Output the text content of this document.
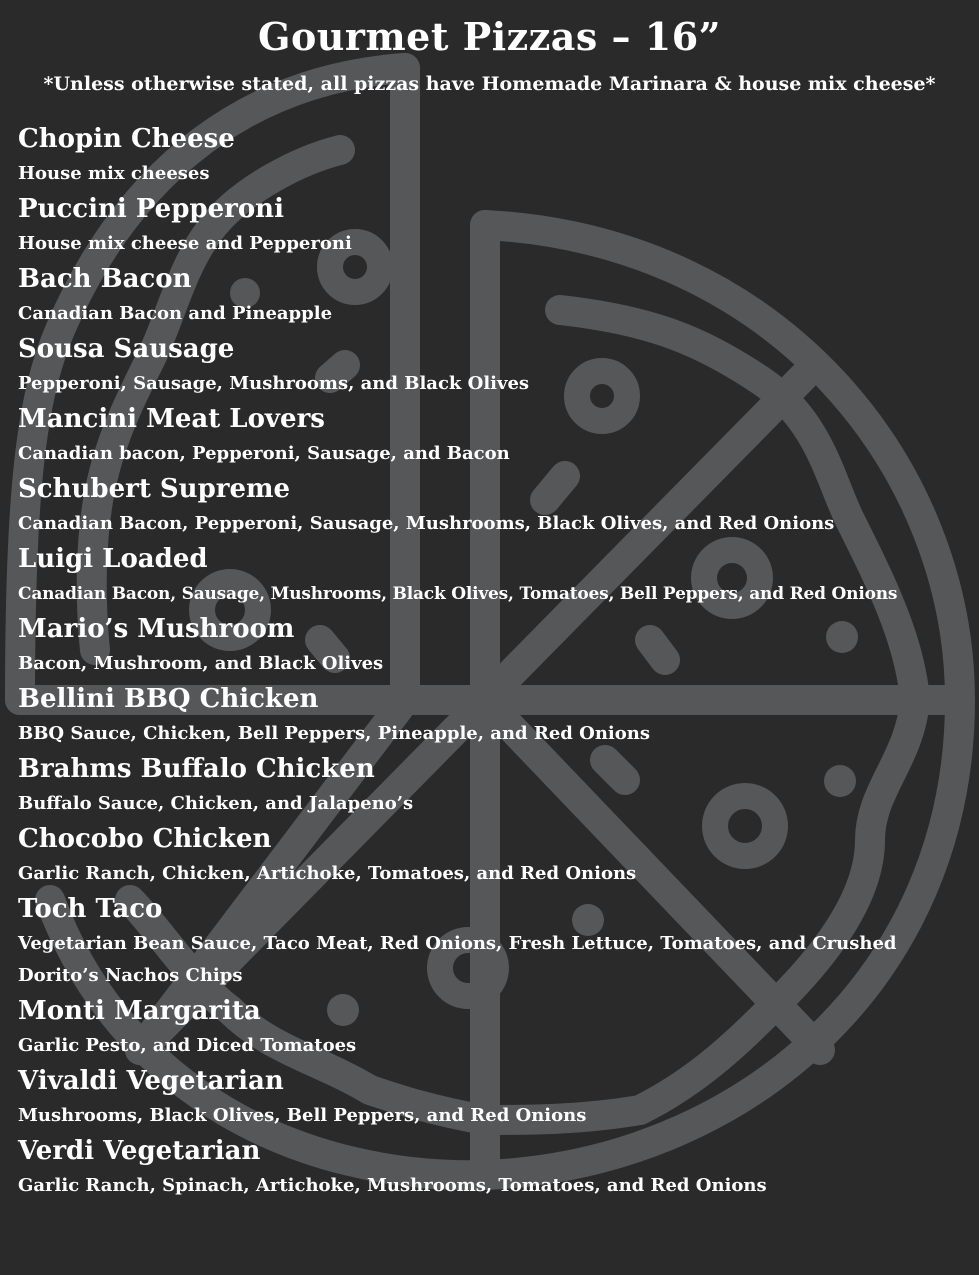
Gourmet Pizzas – 16”
*Unless otherwise stated, all pizzas have Homemade Marinara & house mix cheese*
Chopin Cheese
House mix cheeses
Puccini Pepperoni
House mix cheese and Pepperoni
Bach Bacon
Canadian Bacon and Pineapple
Sousa Sausage
Pepperoni, Sausage, Mushrooms, and Black Olives
Mancini Meat Lovers
Canadian bacon, Pepperoni, Sausage, and Bacon
Schubert Supreme
Canadian Bacon, Pepperoni, Sausage, Mushrooms, Black Olives, and Red Onions
Luigi Loaded
Canadian Bacon, Sausage, Mushrooms, Black Olives, Tomatoes, Bell Peppers, and Red Onions
Mario’s Mushroom
Bacon, Mushroom, and Black Olives
Bellini BBQ Chicken
BBQ Sauce, Chicken, Bell Peppers, Pineapple, and Red Onions
Brahms Buffalo Chicken
Buffalo Sauce, Chicken, and Jalapeno’s
Chocobo Chicken
Garlic Ranch, Chicken, Artichoke, Tomatoes, and Red Onions
Toch Taco
Vegetarian Bean Sauce, Taco Meat, Red Onions, Fresh Lettuce, Tomatoes, and Crushed Dorito’s Nachos Chips
Monti Margarita
Garlic Pesto, and Diced Tomatoes
Vivaldi Vegetarian
Mushrooms, Black Olives, Bell Peppers, and Red Onions
Verdi Vegetarian
Garlic Ranch, Spinach, Artichoke, Mushrooms, Tomatoes, and Red Onions
